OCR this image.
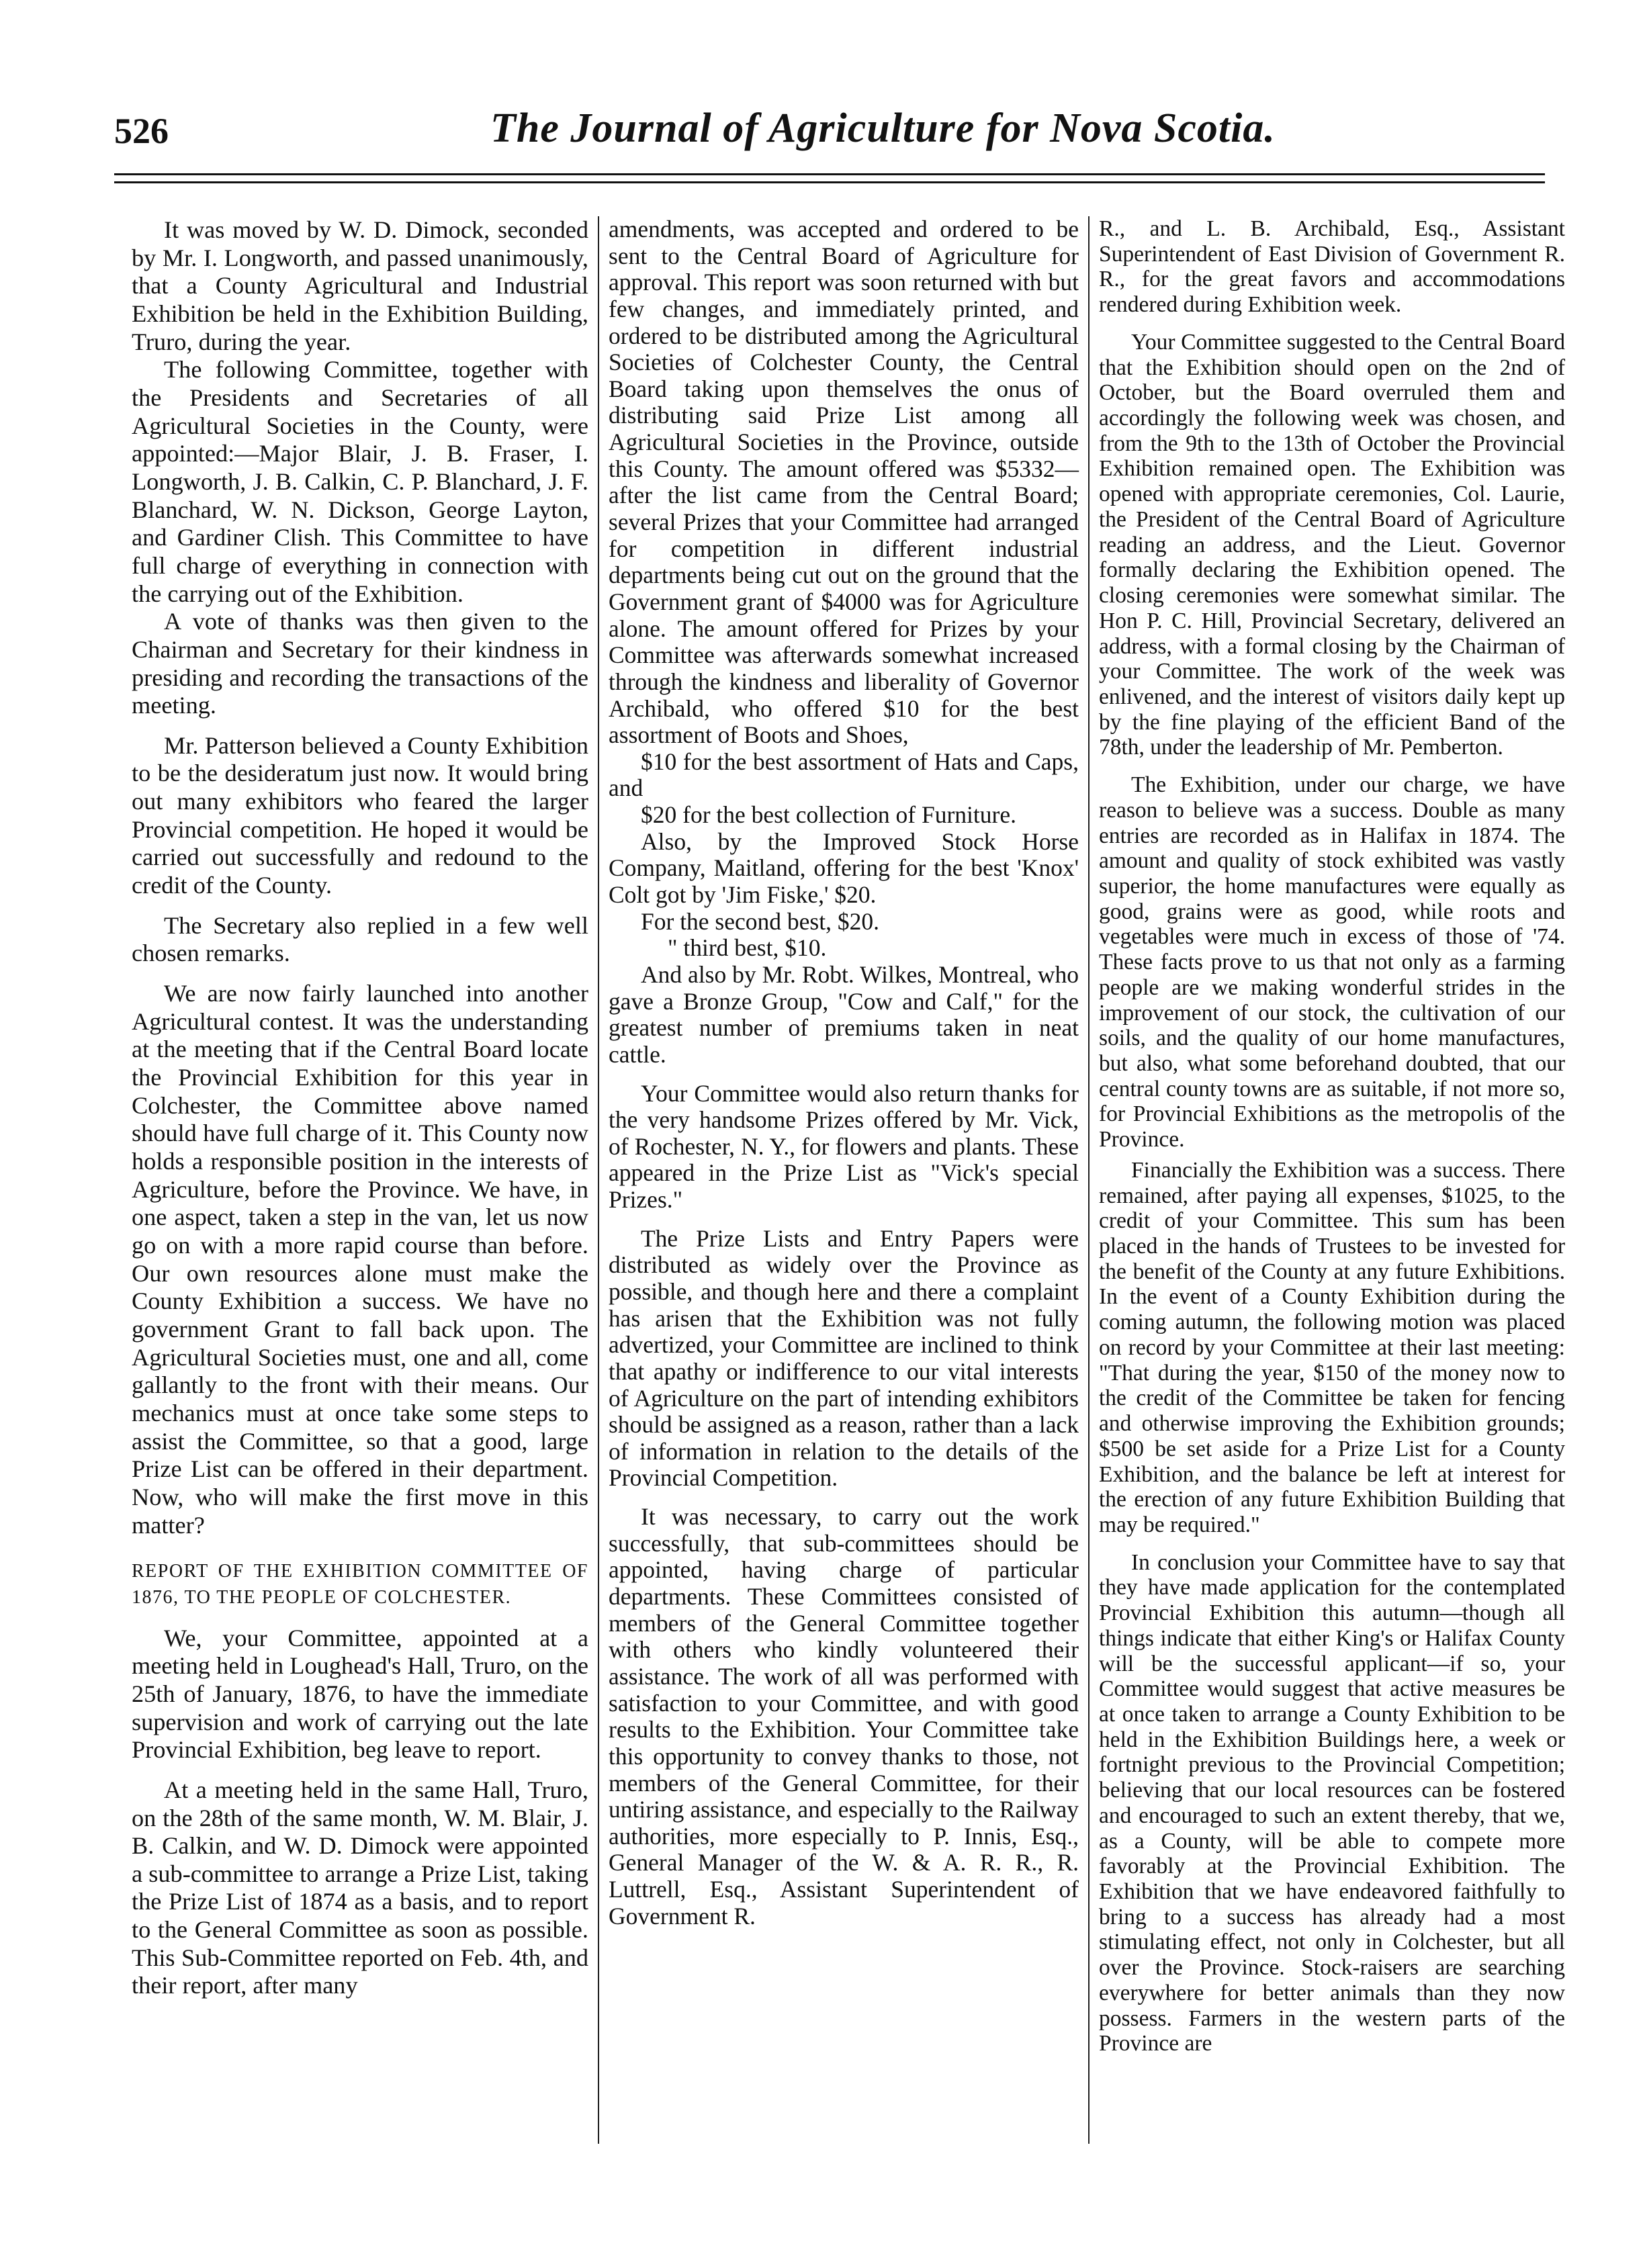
526	The Journal of Agriculture for Nova Scotia.

It was moved by W. D. Dimock, seconded by Mr. I. Longworth, and passed unanimously, that a County Agricultural and Industrial Exhibition be held in the Exhibition Building, Truro, during the year.

The following Committee, together with the Presidents and Secretaries of all Agricultural Societies in the County, were appointed:—Major Blair, J. B. Fraser, I. Longworth, J. B. Calkin, C. P. Blanchard, J. F. Blanchard, W. N. Dickson, George Layton, and Gardiner Clish. This Committee to have full charge of everything in connection with the carrying out of the Exhibition.

A vote of thanks was then given to the Chairman and Secretary for their kindness in presiding and recording the transactions of the meeting.

Mr. Patterson believed a County Exhibition to be the desideratum just now. It would bring out many exhibitors who feared the larger Provincial competition. He hoped it would be carried out successfully and redound to the credit of the County.

The Secretary also replied in a few well chosen remarks.

We are now fairly launched into another Agricultural contest. It was the understanding at the meeting that if the Central Board locate the Provincial Exhibition for this year in Colchester, the Committee above named should have full charge of it. This County now holds a responsible position in the interests of Agriculture, before the Province. We have, in one aspect, taken a step in the van, let us now go on with a more rapid course than before. Our own resources alone must make the County Exhibition a success. We have no government Grant to fall back upon. The Agricultural Societies must, one and all, come gallantly to the front with their means. Our mechanics must at once take some steps to assist the Committee, so that a good, large Prize List can be offered in their department. Now, who will make the first move in this matter?

REPORT OF THE EXHIBITION COMMITTEE OF 1876, TO THE PEOPLE OF COLCHESTER.

We, your Committee, appointed at a meeting held in Loughead's Hall, Truro, on the 25th of January, 1876, to have the immediate supervision and work of carrying out the late Provincial Exhibition, beg leave to report.

At a meeting held in the same Hall, Truro, on the 28th of the same month, W. M. Blair, J. B. Calkin, and W. D. Dimock were appointed a sub-committee to arrange a Prize List, taking the Prize List of 1874 as a basis, and to report to the General Committee as soon as possible. This Sub-Committee reported on Feb. 4th, and their report, after many

amendments, was accepted and ordered to be sent to the Central Board of Agriculture for approval. This report was soon returned with but few changes, and immediately printed, and ordered to be distributed among the Agricultural Societies of Colchester County, the Central Board taking upon themselves the onus of distributing said Prize List among all Agricultural Societies in the Province, outside this County. The amount offered was $5332—after the list came from the Central Board; several Prizes that your Committee had arranged for competition in different industrial departments being cut out on the ground that the Government grant of $4000 was for Agriculture alone. The amount offered for Prizes by your Committee was afterwards somewhat increased through the kindness and liberality of Governor Archibald, who offered $10 for the best assortment of Boots and Shoes,

$10 for the best assortment of Hats and Caps, and

$20 for the best collection of Furniture.

Also, by the Improved Stock Horse Company, Maitland, offering for the best 'Knox' Colt got by 'Jim Fiske,' $20.

For the second best, $20.

" third best, $10.

And also by Mr. Robt. Wilkes, Montreal, who gave a Bronze Group, "Cow and Calf," for the greatest number of premiums taken in neat cattle.

Your Committee would also return thanks for the very handsome Prizes offered by Mr. Vick, of Rochester, N. Y., for flowers and plants. These appeared in the Prize List as "Vick's special Prizes."

The Prize Lists and Entry Papers were distributed as widely over the Province as possible, and though here and there a complaint has arisen that the Exhibition was not fully advertized, your Committee are inclined to think that apathy or indifference to our vital interests of Agriculture on the part of intending exhibitors should be assigned as a reason, rather than a lack of information in relation to the details of the Provincial Competition.

It was necessary, to carry out the work successfully, that sub-committees should be appointed, having charge of particular departments. These Committees consisted of members of the General Committee together with others who kindly volunteered their assistance. The work of all was performed with satisfaction to your Committee, and with good results to the Exhibition. Your Committee take this opportunity to convey thanks to those, not members of the General Committee, for their untiring assistance, and especially to the Railway authorities, more especially to P. Innis, Esq., General Manager of the W. & A. R. R., R. Luttrell, Esq., Assistant Superintendent of Government R.

R., and L. B. Archibald, Esq., Assistant Superintendent of East Division of Government R. R., for the great favors and accommodations rendered during Exhibition week.

Your Committee suggested to the Central Board that the Exhibition should open on the 2nd of October, but the Board overruled them and accordingly the following week was chosen, and from the 9th to the 13th of October the Provincial Exhibition remained open. The Exhibition was opened with appropriate ceremonies, Col. Laurie, the President of the Central Board of Agriculture reading an address, and the Lieut. Governor formally declaring the Exhibition opened. The closing ceremonies were somewhat similar. The Hon P. C. Hill, Provincial Secretary, delivered an address, with a formal closing by the Chairman of your Committee. The work of the week was enlivened, and the interest of visitors daily kept up by the fine playing of the efficient Band of the 78th, under the leadership of Mr. Pemberton.

The Exhibition, under our charge, we have reason to believe was a success. Double as many entries are recorded as in Halifax in 1874. The amount and quality of stock exhibited was vastly superior, the home manufactures were equally as good, grains were as good, while roots and vegetables were much in excess of those of '74. These facts prove to us that not only as a farming people are we making wonderful strides in the improvement of our stock, the cultivation of our soils, and the quality of our home manufactures, but also, what some beforehand doubted, that our central county towns are as suitable, if not more so, for Provincial Exhibitions as the metropolis of the Province.

Financially the Exhibition was a success. There remained, after paying all expenses, $1025, to the credit of your Committee. This sum has been placed in the hands of Trustees to be invested for the benefit of the County at any future Exhibitions. In the event of a County Exhibition during the coming autumn, the following motion was placed on record by your Committee at their last meeting: "That during the year, $150 of the money now to the credit of the Committee be taken for fencing and otherwise improving the Exhibition grounds; $500 be set aside for a Prize List for a County Exhibition, and the balance be left at interest for the erection of any future Exhibition Building that may be required."

In conclusion your Committee have to say that they have made application for the contemplated Provincial Exhibition this autumn—though all things indicate that either King's or Halifax County will be the successful applicant—if so, your Committee would suggest that active measures be at once taken to arrange a County Exhibition to be held in the Exhibition Buildings here, a week or fortnight previous to the Provincial Competition; believing that our local resources can be fostered and encouraged to such an extent thereby, that we, as a County, will be able to compete more favorably at the Provincial Exhibition. The Exhibition that we have endeavored faithfully to bring to a success has already had a most stimulating effect, not only in Colchester, but all over the Province. Stock-raisers are searching everywhere for better animals than they now possess. Farmers in the western parts of the Province are
